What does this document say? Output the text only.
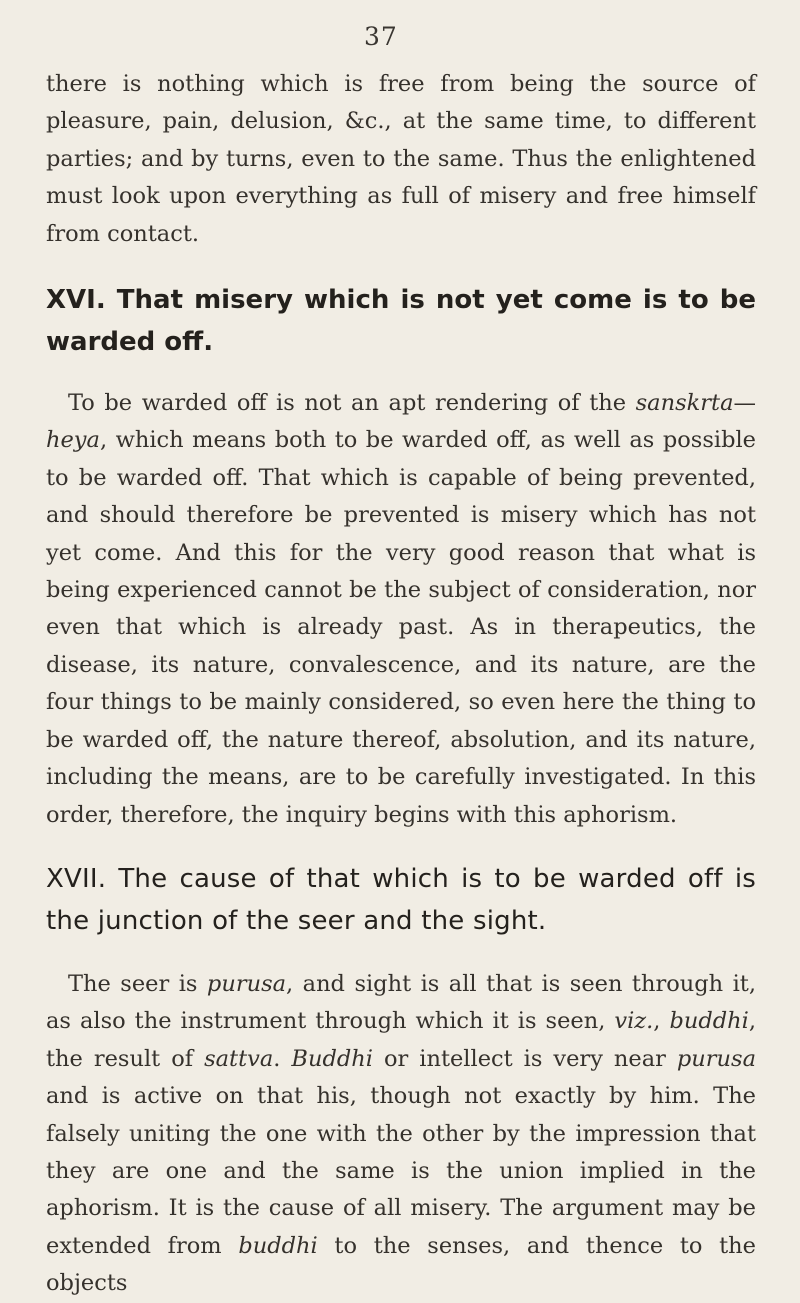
37

there is nothing which is free from being the source of pleasure, pain, delusion, &c., at the same time, to different parties; and by turns, even to the same. Thus the enlightened must look upon everything as full of misery and free himself from contact.

XVI. That misery which is not yet come is to be warded off.

To be warded off is not an apt rendering of the sanskrta—heya, which means both to be warded off, as well as possible to be warded off. That which is capable of being prevented, and should therefore be prevented is misery which has not yet come. And this for the very good reason that what is being experienced cannot be the subject of consideration, nor even that which is already past. As in therapeutics, the disease, its nature, convalescence, and its nature, are the four things to be mainly considered, so even here the thing to be warded off, the nature thereof, absolution, and its nature, including the means, are to be carefully investigated. In this order, therefore, the inquiry begins with this aphorism.

XVII. The cause of that which is to be warded off is the junction of the seer and the sight.

The seer is purusa, and sight is all that is seen through it, as also the instrument through which it is seen, viz., buddhi, the result of sattva. Buddhi or intellect is very near purusa and is active on that his, though not exactly by him. The falsely uniting the one with the other by the impression that they are one and the same is the union implied in the aphorism. It is the cause of all misery. The argument may be extended from buddhi to the senses, and thence to the objects
